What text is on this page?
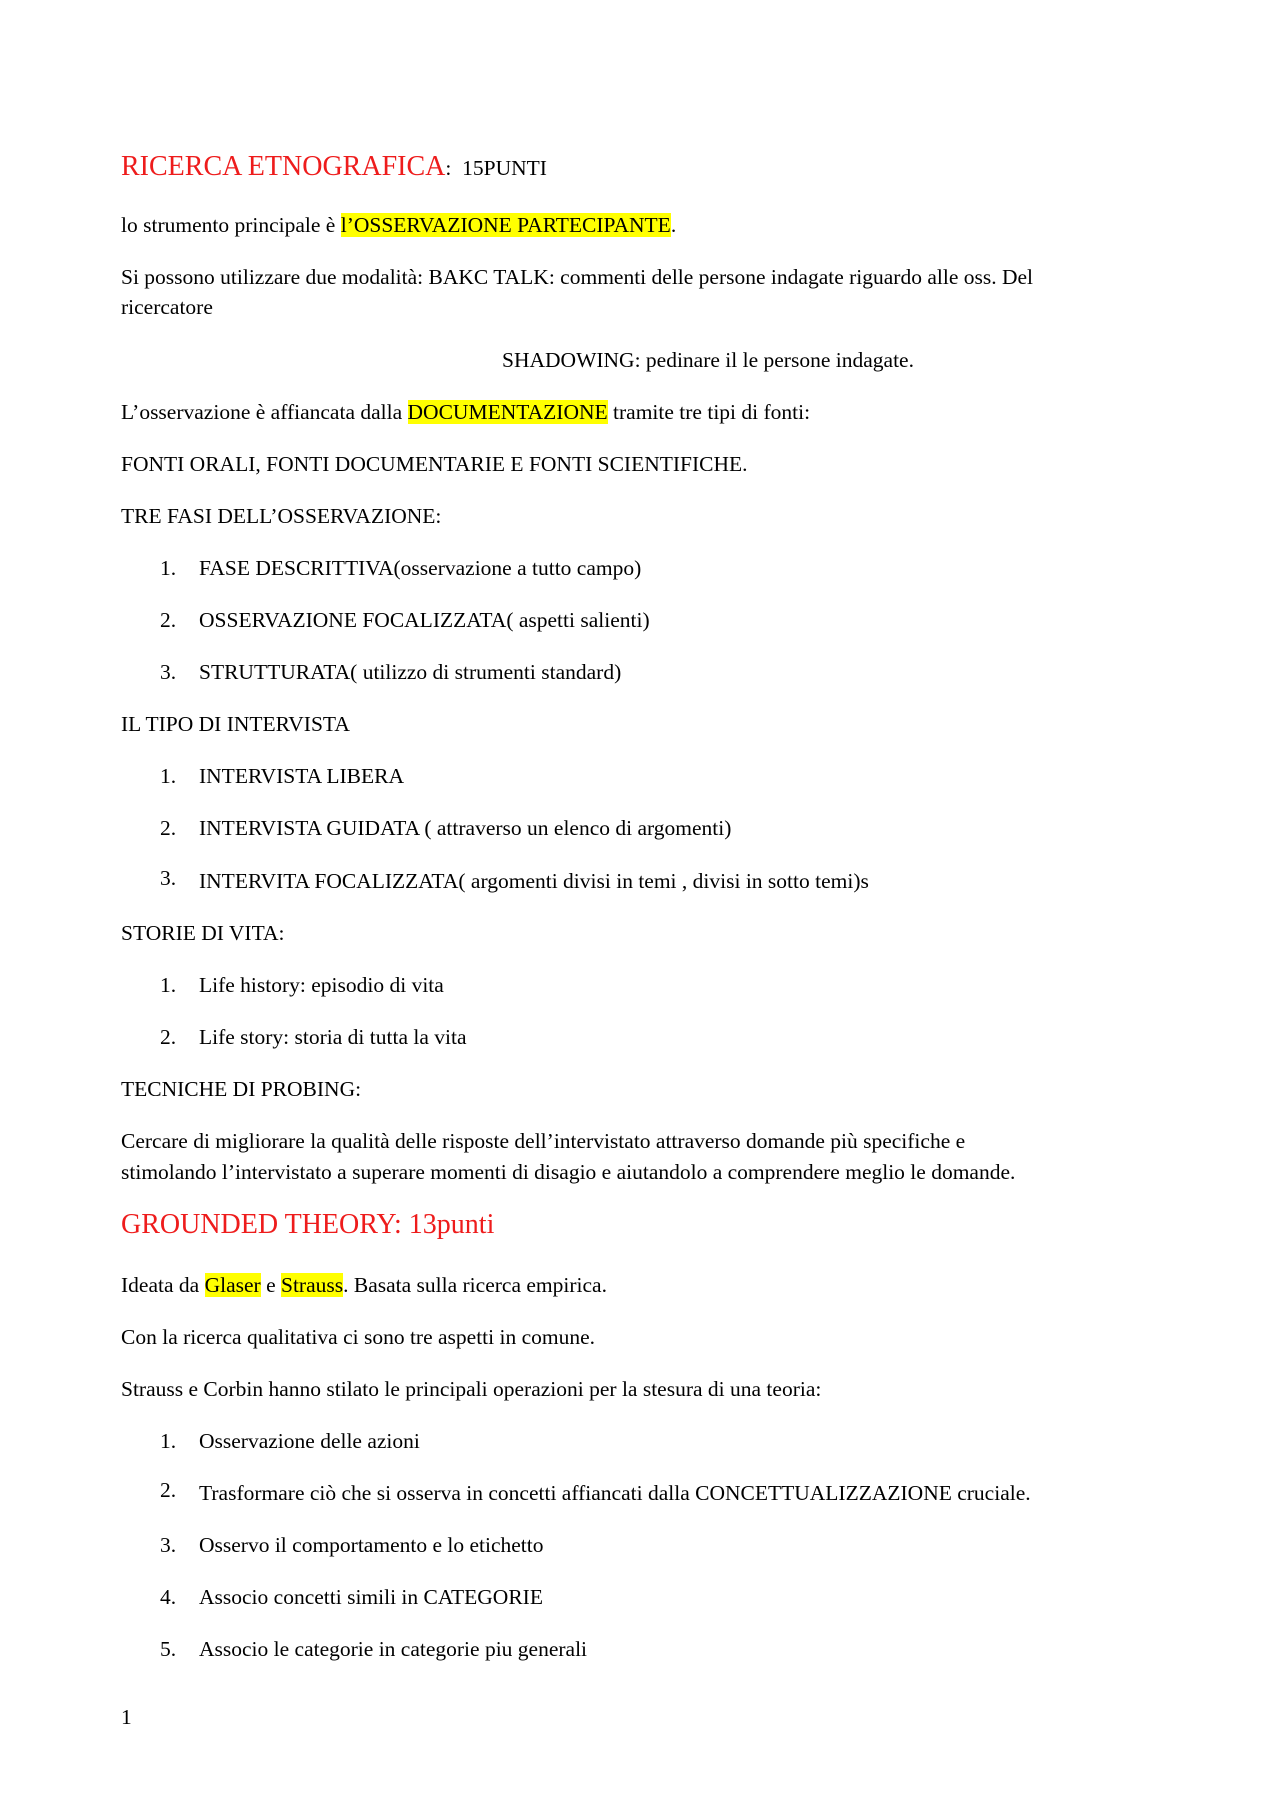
RICERCA ETNOGRAFICA: 15PUNTI
lo strumento principale è l’OSSERVAZIONE PARTECIPANTE.
Si possono utilizzare due modalità: BAKC TALK: commenti delle persone indagate riguardo alle oss. Del
ricercatore
SHADOWING: pedinare il le persone indagate.
L’osservazione è affiancata dalla DOCUMENTAZIONE tramite tre tipi di fonti:
FONTI ORALI, FONTI DOCUMENTARIE E FONTI SCIENTIFICHE.
TRE FASI DELL’OSSERVAZIONE:
1. FASE DESCRITTIVA(osservazione a tutto campo)
2. OSSERVAZIONE FOCALIZZATA( aspetti salienti)
3. STRUTTURATA( utilizzo di strumenti standard)
IL TIPO DI INTERVISTA
1. INTERVISTA LIBERA
2. INTERVISTA GUIDATA ( attraverso un elenco di argomenti)
3. INTERVITA FOCALIZZATA( argomenti divisi in temi , divisi in sotto temi)s
STORIE DI VITA:
1. Life history: episodio di vita
2. Life story: storia di tutta la vita
TECNICHE DI PROBING:
Cercare di migliorare la qualità delle risposte dell’intervistato attraverso domande più specifiche e
stimolando l’intervistato a superare momenti di disagio e aiutandolo a comprendere meglio le domande.
GROUNDED THEORY: 13punti
Ideata da Glaser e Strauss. Basata sulla ricerca empirica.
Con la ricerca qualitativa ci sono tre aspetti in comune.
Strauss e Corbin hanno stilato le principali operazioni per la stesura di una teoria:
1. Osservazione delle azioni
2. Trasformare ciò che si osserva in concetti affiancati dalla CONCETTUALIZZAZIONE cruciale.
3. Osservo il comportamento e lo etichetto
4. Associo concetti simili in CATEGORIE
5. Associo le categorie in categorie piu generali
1
